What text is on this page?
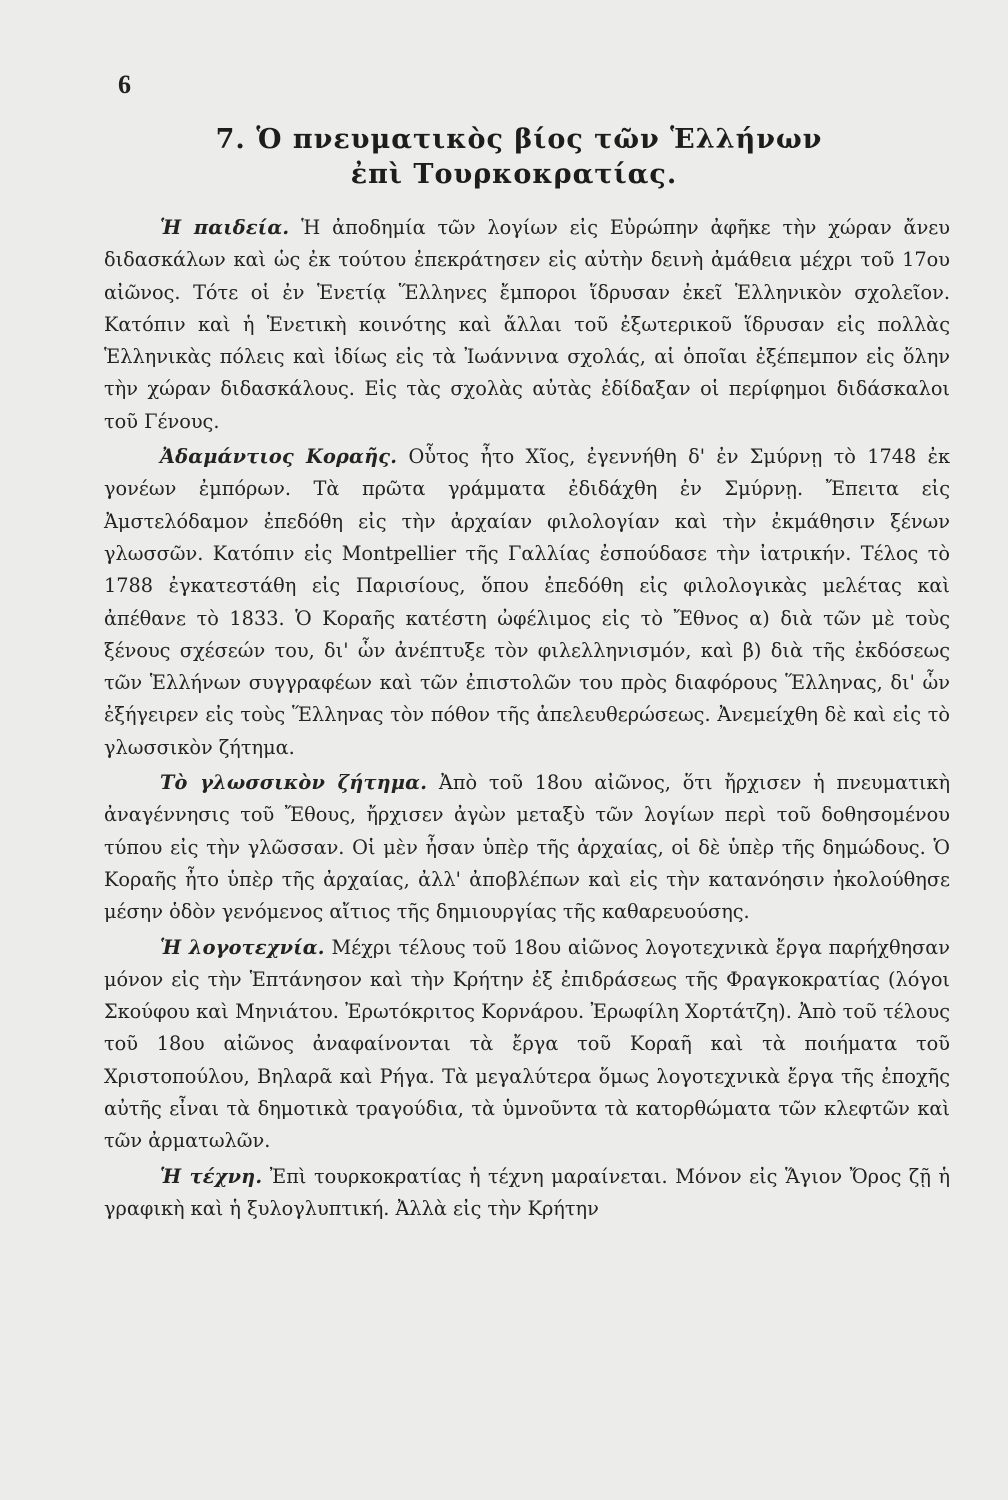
6
7. Ὁ πνευματικὸς βίος τῶν Ἑλλήνων
ἐπὶ Τουρκοκρατίας.

Ἡ παιδεία. Ἡ ἀποδημία τῶν λογίων εἰς Εὐρώπην ἀφῆκε τὴν χώραν ἄνευ διδασκάλων καὶ ὡς ἐκ τούτου ἐπεκράτησεν εἰς αὐτὴν δεινὴ ἀμάθεια μέχρι τοῦ 17ου αἰῶνος. Τότε οἱ ἐν Ἑνετίᾳ Ἕλληνες ἔμποροι ἵδρυσαν ἐκεῖ Ἑλληνικὸν σχολεῖον. Κατόπιν καὶ ἡ Ἑνετικὴ κοινότης καὶ ἄλλαι τοῦ ἐξωτερικοῦ ἵδρυσαν εἰς πολλὰς Ἑλληνικὰς πόλεις καὶ ἰδίως εἰς τὰ Ἰωάννινα σχολάς, αἱ ὁποῖαι ἐξέπεμπον εἰς ὅλην τὴν χώραν διδασκάλους. Εἰς τὰς σχολὰς αὐτὰς ἐδίδαξαν οἱ περίφημοι διδάσκαλοι τοῦ Γένους.

Ἀδαμάντιος Κοραῆς. Οὗτος ἦτο Χῖος, ἐγεννήθη δ' ἐν Σμύρνῃ τὸ 1748 ἐκ γονέων ἐμπόρων. Τὰ πρῶτα γράμματα ἐδιδάχθη ἐν Σμύρνῃ. Ἔπειτα εἰς Ἀμστελόδαμον ἐπεδόθη εἰς τὴν ἀρχαίαν φιλολογίαν καὶ τὴν ἐκμάθησιν ξένων γλωσσῶν. Κατόπιν εἰς Montpellier τῆς Γαλλίας ἐσπούδασε τὴν ἰατρικήν. Τέλος τὸ 1788 ἐγκατεστάθη εἰς Παρισίους, ὅπου ἐπεδόθη εἰς φιλολογικὰς μελέτας καὶ ἀπέθανε τὸ 1833. Ὁ Κοραῆς κατέστη ὠφέλιμος εἰς τὸ Ἔθνος α) διὰ τῶν μὲ τοὺς ξένους σχέσεών του, δι' ὧν ἀνέπτυξε τὸν φιλελληνισμόν, καὶ β) διὰ τῆς ἐκδόσεως τῶν Ἑλλήνων συγγραφέων καὶ τῶν ἐπιστολῶν του πρὸς διαφόρους Ἕλληνας, δι' ὧν ἐξήγειρεν εἰς τοὺς Ἕλληνας τὸν πόθον τῆς ἀπελευθερώσεως. Ἀνεμείχθη δὲ καὶ εἰς τὸ γλωσσικὸν ζήτημα.

Τὸ γλωσσικὸν ζήτημα. Ἀπὸ τοῦ 18ου αἰῶνος, ὅτι ἤρχισεν ἡ πνευματικὴ ἀναγέννησις τοῦ Ἔθους, ἤρχισεν ἀγὼν μεταξὺ τῶν λογίων περὶ τοῦ δοθησομένου τύπου εἰς τὴν γλῶσσαν. Οἱ μὲν ἦσαν ὑπὲρ τῆς ἀρχαίας, οἱ δὲ ὑπὲρ τῆς δημώδους. Ὁ Κοραῆς ἦτο ὑπὲρ τῆς ἀρχαίας, ἀλλ' ἀποβλέπων καὶ εἰς τὴν κατανόησιν ἠκολούθησε μέσην ὁδὸν γενόμενος αἴτιος τῆς δημιουργίας τῆς καθαρευούσης.

Ἡ λογοτεχνία. Μέχρι τέλους τοῦ 18ου αἰῶνος λογοτεχνικὰ ἔργα παρήχθησαν μόνον εἰς τὴν Ἑπτάνησον καὶ τὴν Κρήτην ἐξ ἐπιδράσεως τῆς Φραγκοκρατίας (λόγοι Σκούφου καὶ Μηνιάτου. Ἐρωτόκριτος Κορνάρου. Ἐρωφίλη Χορτάτζη). Ἀπὸ τοῦ τέλους τοῦ 18ου αἰῶνος ἀναφαίνονται τὰ ἔργα τοῦ Κοραῆ καὶ τὰ ποιήματα τοῦ Χριστοπούλου, Βηλαρᾶ καὶ Ρήγα. Τὰ μεγαλύτερα ὅμως λογοτεχνικὰ ἔργα τῆς ἐποχῆς αὐτῆς εἶναι τὰ δημοτικὰ τραγούδια, τὰ ὑμνοῦντα τὰ κατορθώματα τῶν κλεφτῶν καὶ τῶν ἀρματωλῶν.

Ἡ τέχνη. Ἐπὶ τουρκοκρατίας ἡ τέχνη μαραίνεται. Μόνον εἰς Ἅγιον Ὄρος ζῇ ἡ γραφικὴ καὶ ἡ ξυλογλυπτική. Ἀλλὰ εἰς τὴν Κρήτην
